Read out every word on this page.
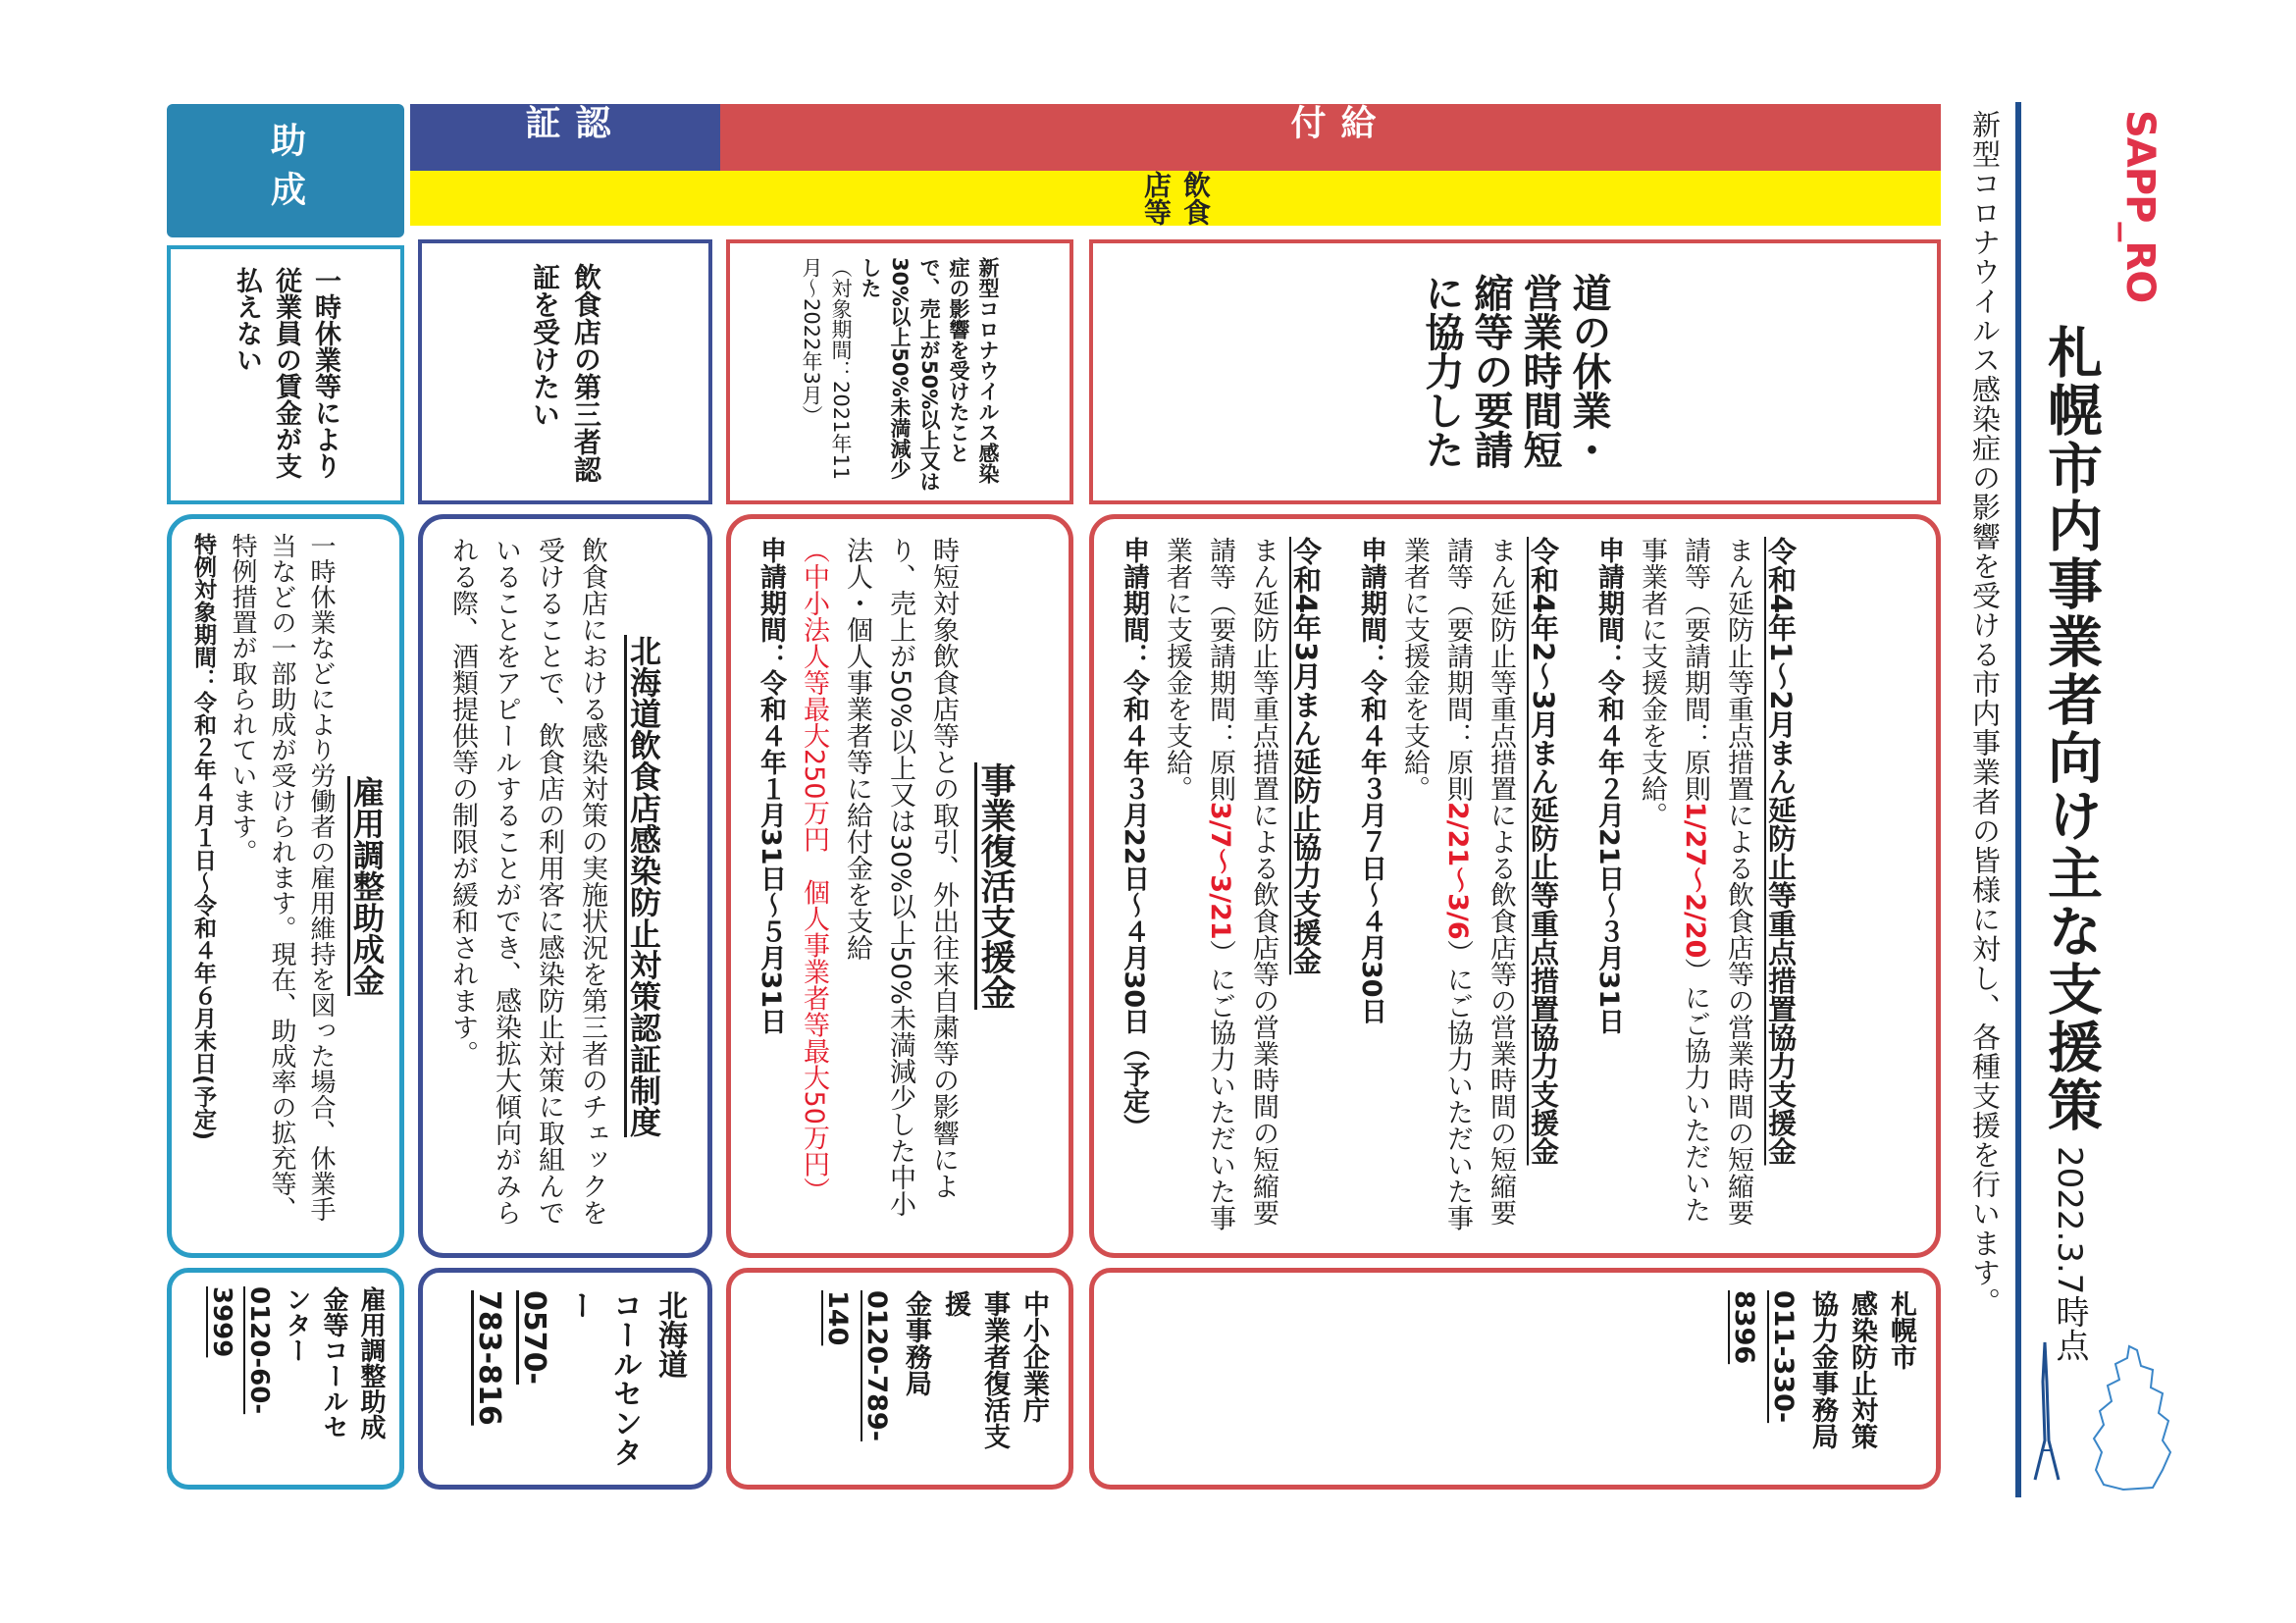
SAPP_RO
札幌市内事業者向け主な支援策
2022.3.7時点
新型コロナウイルス感染症の影響を受ける市内事業者の皆様に対し、各種支援を行います。
給付
認証
飲食店等
助成
道の休業・営業時間短縮等の要請に協力した
令和4年1～2月まん延防止等重点措置協力支援金

まん延防止等重点措置による飲食店等の営業時間の短縮要請等（要請期間：原則1/27～2/20）にご協力いただいた事業者に支援金を支給。

申請期間：令和４年２月21日～３月31日

令和4年2～3月まん延防止等重点措置協力支援金

まん延防止等重点措置による飲食店等の営業時間の短縮要請等（要請期間：原則2/21～3/6）にご協力いただいた事業者に支援金を支給。

申請期間：令和４年３月７日～４月30日

令和4年3月まん延防止協力支援金

まん延防止等重点措置による飲食店等の営業時間の短縮要請等（要請期間：原則3/7～3/21）にご協力いただいた事業者に支援金を支給。

申請期間：令和４年３月22日～４月30日（予定）

札幌市
感染防止対策
協力金事務局
011-330-
8396
新型コロナウイルス感染症の影響を受けたことで、売上が50%以上又は30%以上50%未満減少した
（対象期間：2021年11月～2022年3月）
事業復活支援金

時短対象飲食店等との取引、外出往来自粛等の影響により、売上が50%以上又は30%以上50%未満減少した中小法人・個人事業者等に給付金を支給

（中小法人等最大250万円　個人事業者等最大50万円）

申請期間：令和４年１月31日～５月31日

中小企業庁
事業者復活支援
金事務局
0120-789-
140
飲食店の第三者認証を受けたい
北海道飲食店感染防止対策認証制度

飲食店における感染対策の実施状況を第三者のチェックを受けることで、飲食店の利用客に感染防止対策に取組んでいることをアピールすることができ、感染拡大傾向がみられる際、酒類提供等の制限が緩和されます。

北海道
コールセンター
0570-
783-816
一時休業等により従業員の賃金が支払えない
雇用調整助成金

一時休業などにより労働者の雇用維持を図った場合、休業手当などの一部助成が受けられます。現在、助成率の拡充等、特例措置が取られています。

特例対象期間：令和２年４月１日～令和４年６月末日(予定)

雇用調整助成
金等コールセ
ンター
0120-60-
3999
